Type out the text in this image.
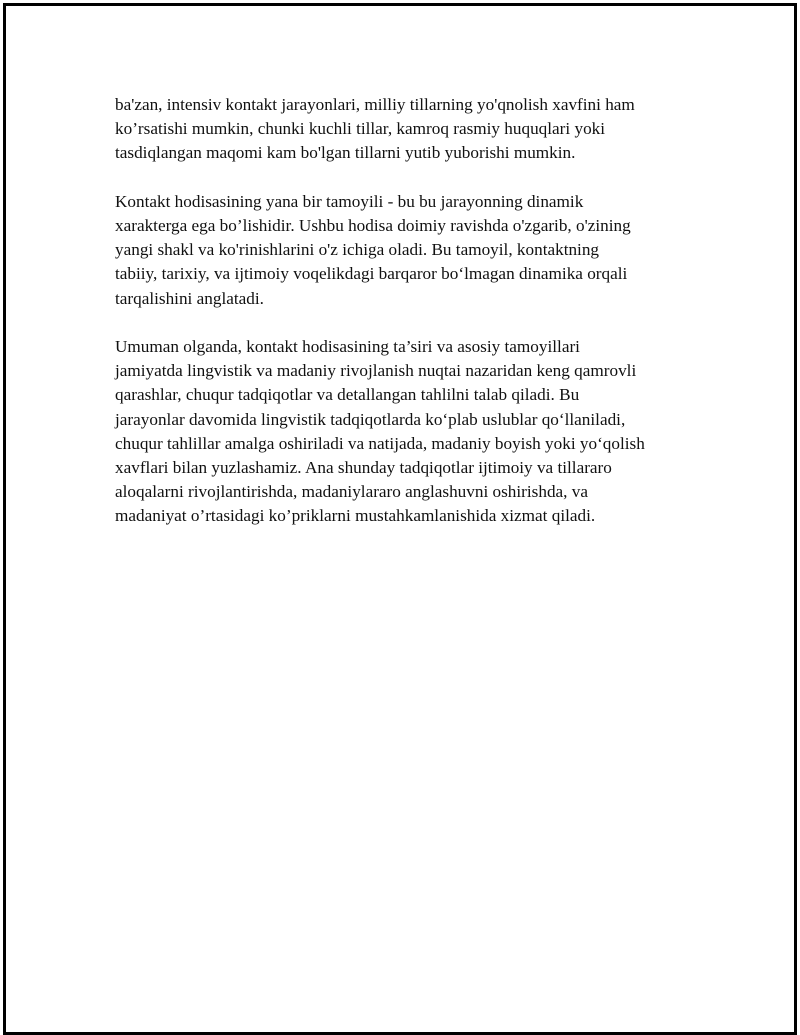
ba'zan, intensiv kontakt jarayonlari, milliy tillarning yo'qnolish xavfini ham
ko’rsatishi mumkin, chunki kuchli tillar, kamroq rasmiy huquqlari yoki
tasdiqlangan maqomi kam bo'lgan tillarni yutib yuborishi mumkin.

Kontakt hodisasining yana bir tamoyili - bu bu jarayonning dinamik
xarakterga ega bo’lishidir. Ushbu hodisa doimiy ravishda o'zgarib, o'zining
yangi shakl va ko'rinishlarini o'z ichiga oladi. Bu tamoyil, kontaktning
tabiiy, tarixiy, va ijtimoiy voqelikdagi barqaror bo‘lmagan dinamika orqali
tarqalishini anglatadi.

Umuman olganda, kontakt hodisasining ta’siri va asosiy tamoyillari
jamiyatda lingvistik va madaniy rivojlanish nuqtai nazaridan keng qamrovli
qarashlar, chuqur tadqiqotlar va detallangan tahlilni talab qiladi. Bu
jarayonlar davomida lingvistik tadqiqotlarda ko‘plab uslublar qo‘llaniladi,
chuqur tahlillar amalga oshiriladi va natijada, madaniy boyish yoki yo‘qolish
xavflari bilan yuzlashamiz. Ana shunday tadqiqotlar ijtimoiy va tillararo
aloqalarni rivojlantirishda, madaniylararo anglashuvni oshirishda, va
madaniyat o’rtasidagi ko’priklarni mustahkamlanishida xizmat qiladi.
